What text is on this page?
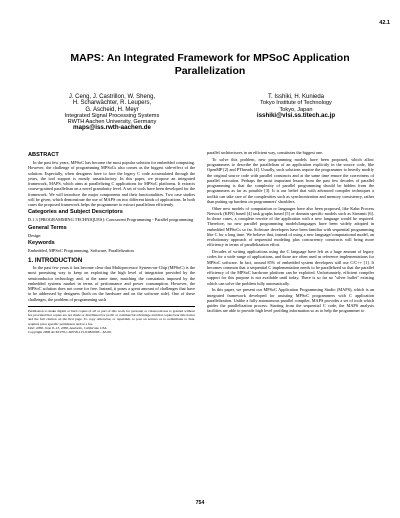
42.1
MAPS: An Integrated Framework for MPSoC Application
Parallelization
J. Ceng, J. Castrillon, W. Sheng,
H. Scharwächter, R. Leupers,
G. Ascheid, H. Meyr
Integrated Signal Processing Systems
RWTH Aachen University, Germany
maps@iss.rwth-aachen.de
T. Isshiki, H. Kunieda
Tokyo Institute of Technology
Tokyo, Japan
isshiki@vlsi.ss.titech.ac.jp
ABSTRACT

In the past few years, MPSoC has become the most popular solution for embedded computing. However, the challenge of programming MPSoCs also comes as the biggest side-effect of the solution. Especially, when designers have to face the legacy C code accumulated through the years, the tool support is mostly unsatisfactory. In this paper, we propose an integrated framework, MAPS, which aims at parallelizing C applications for MPSoC platforms. It extracts coarse-grained parallelism on a novel granularity level. A set of tools have been developed for the framework. We will introduce the major components and their functionalities. Two case studies will be given, which demonstrate the use of MAPS on two different kinds of applications. In both cases the proposed framework helps the programmer to extract parallelism efficiently.

Categories and Subject Descriptors
D.1.3 [PROGRAMMING TECHNIQUES]: Concurrent Programming - Parallel programming
General Terms
Design
Keywords
Embedded, MPSoC Programming, Software, Parallelization
1. INTRODUCTION

In the past few years it has become clear that Multiprocessor System-on-Chip (MPSoC) is the most promising way to keep on exploiting the high level of integration provided by the semiconductor technology and, at the same time, matching the constraints imposed by the embedded systems market in terms of performance and power consumption. However, the MPSoC solution does not come for free. Instead, it poses a great amount of challenges that have to be addressed by designers (both on the hardware and on the software side). One of these challenges, the problem of programming such

Permission to make digital or hard copies of all or part of this work for personal or classroom use is granted without fee provided that copies are not made or distributed for profit or commercial advantage and that copies bear this notice and the full citation on the first page. To copy otherwise, or republish, to post on servers or to redistribute to lists, requires prior specific permission and/or a fee.
DAC 2008, June 8–13, 2008, Anaheim, California, USA
Copyright 2008 ACM 978-1-60558-115-6/08/0006 ...$5.00.

parallel architectures in an efficient way, constitutes the biggest one.

To solve this problem, new programming models have been proposed, which allow programmers to describe the parallelism of an application explicitly in the source code, like OpenMP [2] and PThreads [4]. Usually, such solutions require the programmer to heavily modify the original source code with parallel constructs and at the same time ensure the correctness of parallel execution. Perhaps the most important lesson from the past few decades of parallel programming is that the complexity of parallel programming should be hidden from the programmers as far as possible [3]. It is our belief that with advanced compiler techniques a toolkit can take care of the complexities such as synchronization and memory consistency, rather than putting up burdens on programmers' shoulders.

Other new models of computation or languages have also been proposed, like Kahn Process Network (KPN) based [4] task graphs based [5] or domain specific models such as Streamit [6]. In those cases, a complete rewrite of the application with a new language would be required. Therefore, no new parallel programming models/languages have been widely adopted in embedded MPSoCs so far. Software developers have been familiar with sequential programming like C for a long time. We believe that, instead of using a new language/computational model, an evolutionary approach of sequential modeling plus concurrency constructs will bring more efficiency in terms of parallelization effort.

Decades of writing applications using the C language have left us a huge amount of legacy codes for a wide range of applications, and those are often used as reference implementations for MPSoC software. In fact, around 85% of embedded system developers still use C/C++ [1]. It becomes common that a sequential C implementation needs to be parallelized so that the parallel efficiency of the MPSoC hardware platform can be exploited. Unfortunately, efficient compiler support for this purpose is not available until today. There is so far no "silver bullet" existing which can solve the problem fully automatically.

In this paper, we present our MPSoC Application Programming Studio (MAPS), which is an integrated framework developed for assisting MPSoC programmers with C application parallelization. Unlike a fully autonomous parallel compiler, MAPS provides a set of tools which guides the parallelization process. Starting from the sequential C code, the MAPS analysis facilities are able to provide high level profiling information so as to help the programmer to

754
